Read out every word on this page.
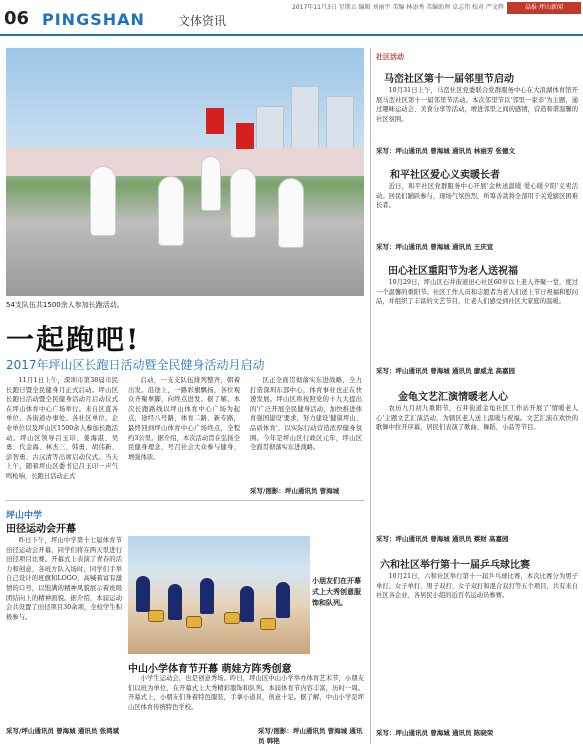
06 PINGSHAN	文体资讯
2017年11月3日 星期五 编辑 刘丽宇 美编 林添秀 美编助理 卓志伟 校对 严文辉	晶报·坪山新闻
54支队伍共1500余人参加长跑活动。
一起跑吧!
2017年坪山区长跑日活动暨全民健身活动月启动

11月1日上午，深圳市第38届市民长跑日暨全民健身月正式启动。坪山区长跑日活动暨全民健身活动月启动仪式在坪山体育中心广场举行。来自区直各单位、各街道办事处、各社区单位，企业单位以及坪山区1500余人参加长跑活动。坪山区领导吕玉印、姜海湛、吴勇、代金海、林杰三、韩勇、胡伟新、彭智勇、古汉清等出席启动仪式。当天上午，随着坪山区委书记吕玉印一声气鸣枪响，长跑日活动正式

启动，一支支队伍排列整齐，朝着出发。沿途上，一路彩旗飘扬，各位观众齐聚拳脚，向终点进发。据了解，本次长跑路线以坪山体育中心广场为起点，途经八号路、体育二路、新专路，最终回到坪山体育中心广场终点，全程约3公里。据介绍，本次活动旨在弘扬全民健身理念，号召社会大众参与健身、增强体质。

区正全面贯彻落实东进战略，全力打造深圳东部中心，体育事业也正在快速发展。坪山区将按照党的十九大提出的'广泛开展全民健身活动，加快推进体育强国建设'要求，努力建设'健康坪山、品质体育'，以实际行动营造浓厚健身氛围。今年是坪山区行政区元年，坪山区全面贯彻落实东进战略。

采写/图影：坪山通讯员 曾海城
坪山中学
田径运动会开幕

昨日下午，坪山中学第十七届体育节田径运动会开幕，同学们将在两天里进行田径项目比赛。开幕式上表演了青春的活力和创意，各班方队入场时，同学们手举自己设计的班旗和LOGO，高喊着富有激情的口号，以饱满的精神风貌展示着班级团结向上的精神面貌。据介绍，本届运动会共设置了田径项目30余项，全校学生积极参与。

采写/坪山通讯员 曾海城 通讯员 张鸿斌
小朋友们在开幕式上大秀创意服饰和队列。
中山小学体育节开幕 萌娃方阵秀创意

小学生运动会，也是创意秀场。昨日，坪山区中山小学举办体育艺术节，小朋友们以班为单位，在开幕式上大秀精彩服饰和队列。本届体育节内容丰富，历时一周。开幕式上，小朋友们身着特色服装，手拿小道具，创意十足。据了解，中山小学是坪山区体育传统特色学校。

采写/图影：坪山通讯员 曾海城 通讯员 韩艳
社区活动
马峦社区第十一届邻里节启动

10月31日上午，马峦社区党委联合党群服务中心在大浪湖体育馆开展马峦社区第十一届邻里节活动。本次邻里节以'邻里一家亲'为主题，通过趣味运动会、美食分享等活动，增进邻里之间的感情，营造和谐温馨的社区氛围。

采写：坪山通讯员 曾海城 通讯员 林丽芳 张德文
和平社区爱心义卖暖长者

近日，和平社区党群服务中心开展'金秋送温暖 爱心暖夕阳'义卖活动。居民们踊跃参与，现场气氛热烈，所筹善款将全部用于关爱辖区困难长者。

采写：坪山通讯员 曾海城 通讯员 王庆宣
田心社区重阳节为老人送祝福

10月29日，坪山区石井街道田心社区60岁以上老人齐聚一堂，度过一个温馨的重阳节。社区工作人员和志愿者为老人们送上节日祝福和慰问品，并组织了丰富的文艺节目，让老人们感受到社区大家庭的温暖。

采写：坪山通讯员 曾海城 通讯员 廖威龙 高嘉园
金龟文艺汇演情暖老人心

农历九月初九重阳节，石井街道金龟社区工作站开展了'情暖老人心'主题文艺汇演活动，为辖区老人送上温暖与祝福。文艺汇演在欢快的歌舞中拉开序幕，居民们表演了歌曲、舞蹈、小品等节目。

采写：坪山通讯员 曾海城 通讯员 蔡财 高嘉园
六和社区举行第十一届乒乓球比赛

10月21日，六和社区举行第十一届乒乓球比赛，本次比赛分为男子单打、女子单打、男子双打、女子双打和混合双打等五个项目，共有来自社区各企业、各居民小组的近百名运动员参赛。

采写：坪山通讯员 曾海城 通讯员 陈晓荣
